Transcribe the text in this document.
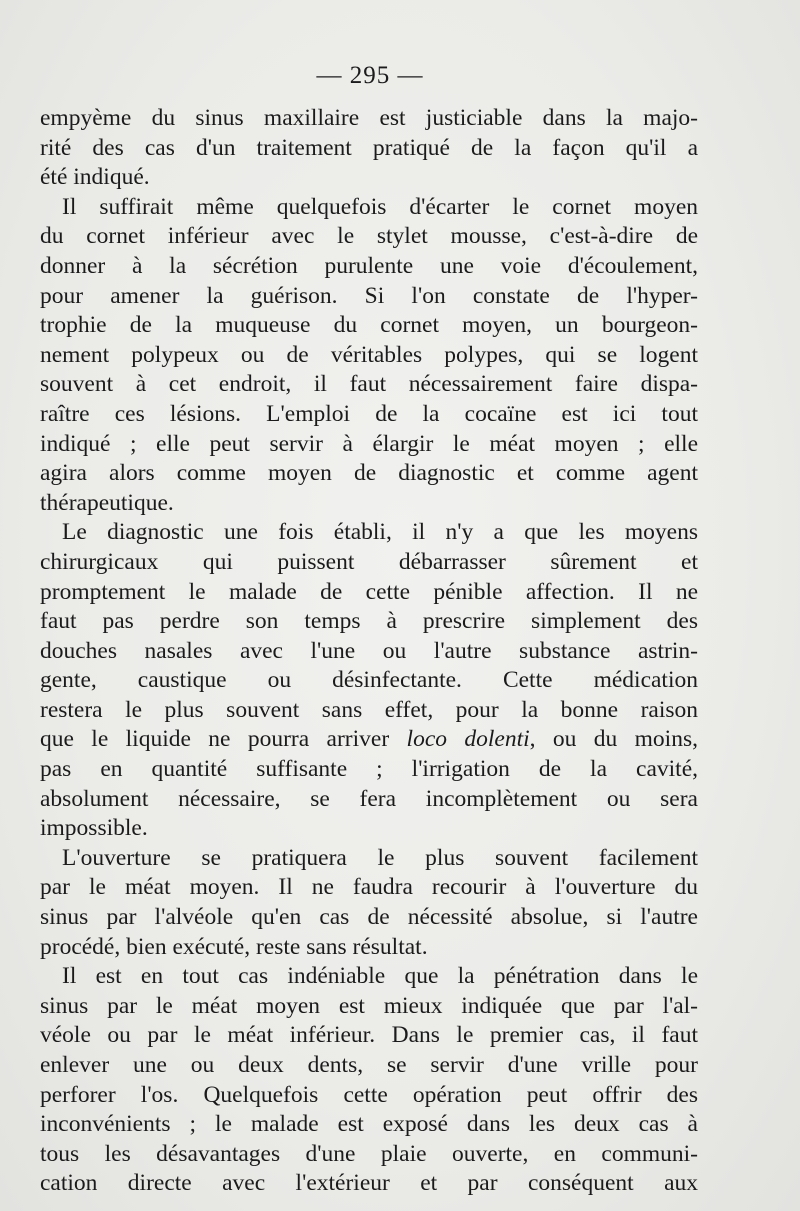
— 295 —
empyème du sinus maxillaire est justiciable dans la majo-
rité des cas d'un traitement pratiqué de la façon qu'il a
été indiqué.
Il suffirait même quelquefois d'écarter le cornet moyen
du cornet inférieur avec le stylet mousse, c'est-à-dire de
donner à la sécrétion purulente une voie d'écoulement,
pour amener la guérison. Si l'on constate de l'hyper-
trophie de la muqueuse du cornet moyen, un bourgeon-
nement polypeux ou de véritables polypes, qui se logent
souvent à cet endroit, il faut nécessairement faire dispa-
raître ces lésions. L'emploi de la cocaïne est ici tout
indiqué ; elle peut servir à élargir le méat moyen ; elle
agira alors comme moyen de diagnostic et comme agent
thérapeutique.
Le diagnostic une fois établi, il n'y a que les moyens
chirurgicaux qui puissent débarrasser sûrement et
promptement le malade de cette pénible affection. Il ne
faut pas perdre son temps à prescrire simplement des
douches nasales avec l'une ou l'autre substance astrin-
gente, caustique ou désinfectante. Cette médication
restera le plus souvent sans effet, pour la bonne raison
que le liquide ne pourra arriver loco dolenti, ou du moins,
pas en quantité suffisante ; l'irrigation de la cavité,
absolument nécessaire, se fera incomplètement ou sera
impossible.
L'ouverture se pratiquera le plus souvent facilement
par le méat moyen. Il ne faudra recourir à l'ouverture du
sinus par l'alvéole qu'en cas de nécessité absolue, si l'autre
procédé, bien exécuté, reste sans résultat.
Il est en tout cas indéniable que la pénétration dans le
sinus par le méat moyen est mieux indiquée que par l'al-
véole ou par le méat inférieur. Dans le premier cas, il faut
enlever une ou deux dents, se servir d'une vrille pour
perforer l'os. Quelquefois cette opération peut offrir des
inconvénients ; le malade est exposé dans les deux cas à
tous les désavantages d'une plaie ouverte, en communi-
cation directe avec l'extérieur et par conséquent aux
